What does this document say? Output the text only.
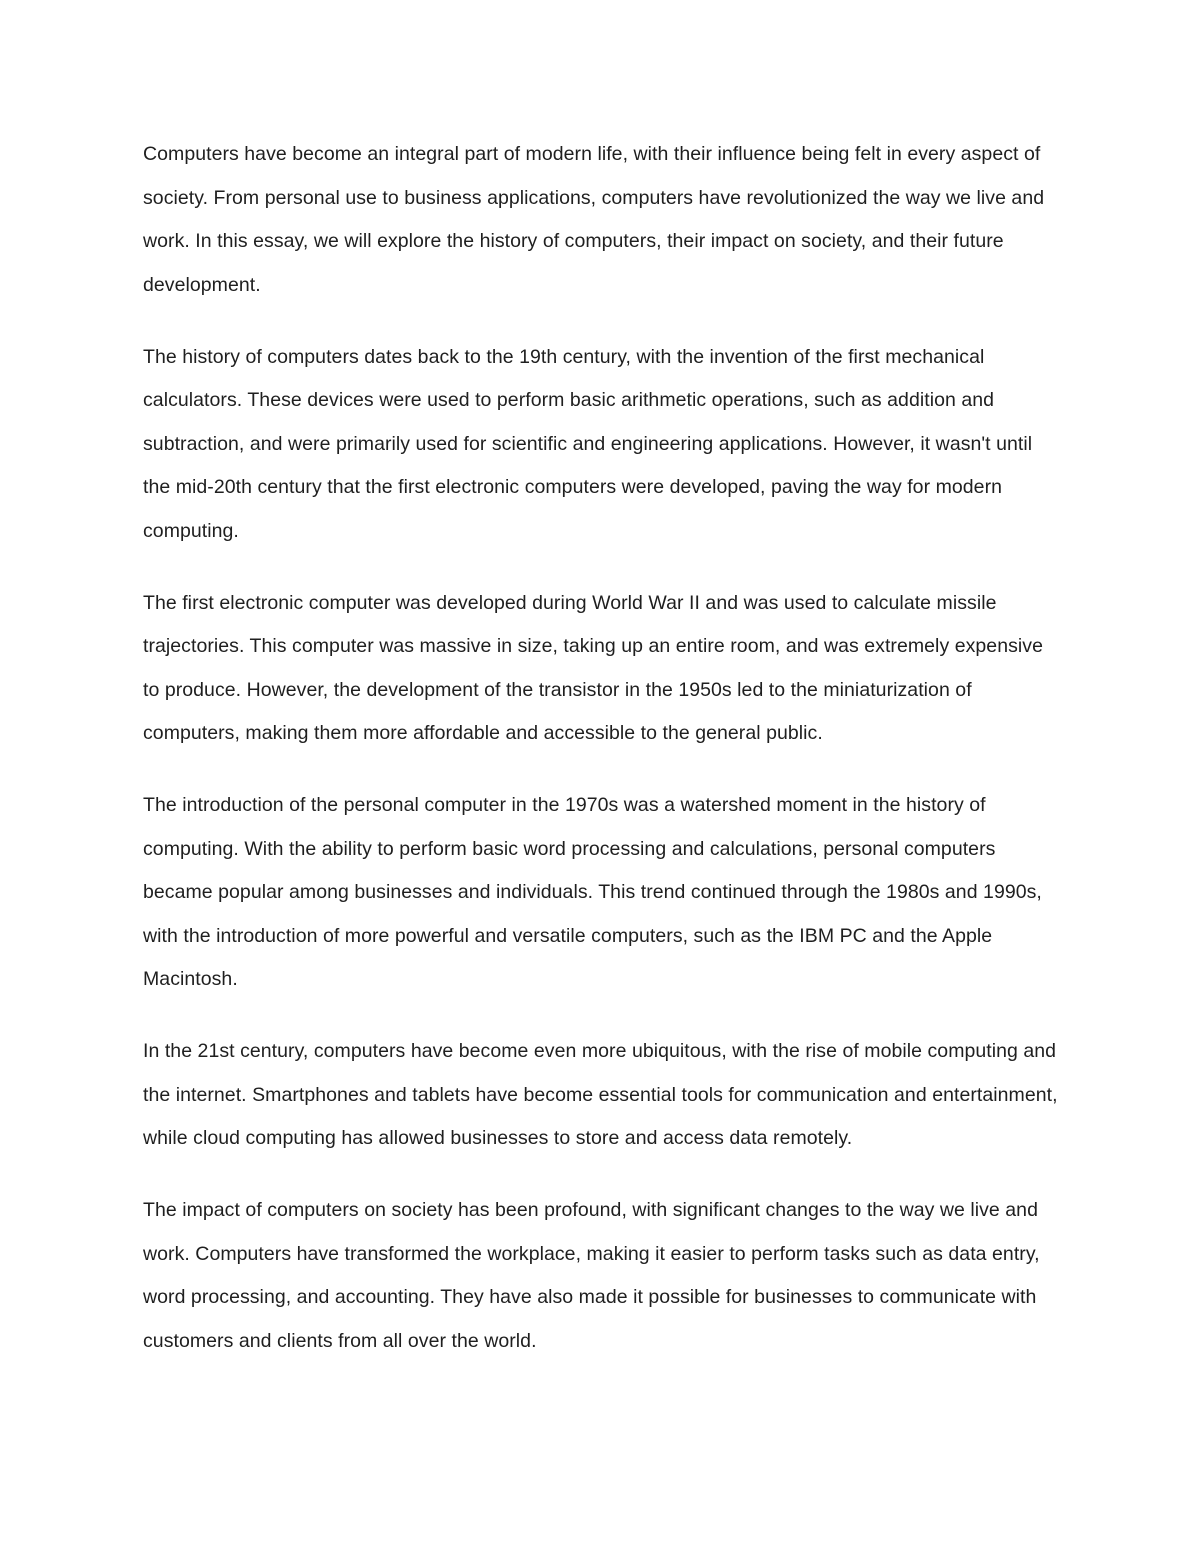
Computers have become an integral part of modern life, with their influence being felt in every aspect of society. From personal use to business applications, computers have revolutionized the way we live and work. In this essay, we will explore the history of computers, their impact on society, and their future development.

The history of computers dates back to the 19th century, with the invention of the first mechanical calculators. These devices were used to perform basic arithmetic operations, such as addition and subtraction, and were primarily used for scientific and engineering applications. However, it wasn't until the mid-20th century that the first electronic computers were developed, paving the way for modern computing.

The first electronic computer was developed during World War II and was used to calculate missile trajectories. This computer was massive in size, taking up an entire room, and was extremely expensive to produce. However, the development of the transistor in the 1950s led to the miniaturization of computers, making them more affordable and accessible to the general public.

The introduction of the personal computer in the 1970s was a watershed moment in the history of computing. With the ability to perform basic word processing and calculations, personal computers became popular among businesses and individuals. This trend continued through the 1980s and 1990s, with the introduction of more powerful and versatile computers, such as the IBM PC and the Apple Macintosh.

In the 21st century, computers have become even more ubiquitous, with the rise of mobile computing and the internet. Smartphones and tablets have become essential tools for communication and entertainment, while cloud computing has allowed businesses to store and access data remotely.

The impact of computers on society has been profound, with significant changes to the way we live and work. Computers have transformed the workplace, making it easier to perform tasks such as data entry, word processing, and accounting. They have also made it possible for businesses to communicate with customers and clients from all over the world.
